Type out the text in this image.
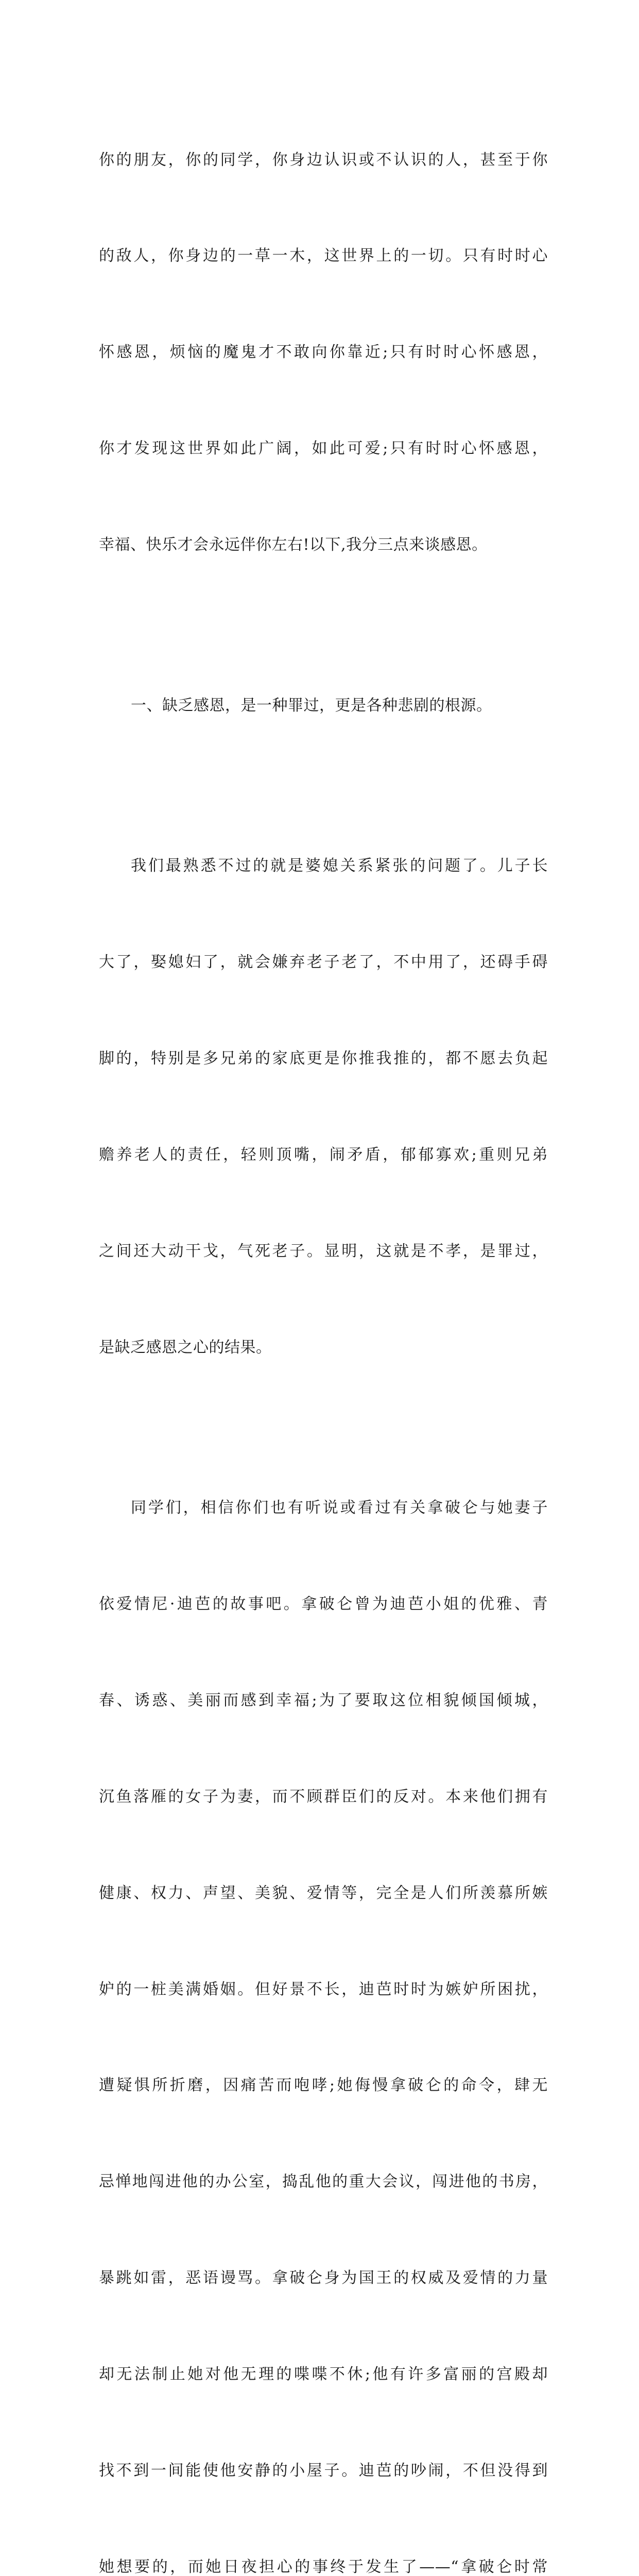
你的朋友，你的同学，你身边认识或不认识的人，甚至于你

的敌人，你身边的一草一木，这世界上的一切。只有时时心

怀感恩，烦恼的魔鬼才不敢向你靠近;只有时时心怀感恩，

你才发现这世界如此广阔，如此可爱;只有时时心怀感恩，

幸福、快乐才会永远伴你左右!以下,我分三点来谈感恩。

一、缺乏感恩，是一种罪过，更是各种悲剧的根源。

我们最熟悉不过的就是婆媳关系紧张的问题了。儿子长

大了，娶媳妇了，就会嫌弃老子老了，不中用了，还碍手碍

脚的，特别是多兄弟的家底更是你推我推的，都不愿去负起

赡养老人的责任，轻则顶嘴，闹矛盾，郁郁寡欢;重则兄弟

之间还大动干戈，气死老子。显明，这就是不孝，是罪过，

是缺乏感恩之心的结果。

同学们，相信你们也有听说或看过有关拿破仑与她妻子

依爱情尼·迪芭的故事吧。拿破仑曾为迪芭小姐的优雅、青

春、诱惑、美丽而感到幸福;为了要取这位相貌倾国倾城，

沉鱼落雁的女子为妻，而不顾群臣们的反对。本来他们拥有

健康、权力、声望、美貌、爱情等，完全是人们所羡慕所嫉

妒的一桩美满婚姻。但好景不长，迪芭时时为嫉妒所困扰，

遭疑惧所折磨，因痛苦而咆哮;她侮慢拿破仑的命令，肆无

忌惮地闯进他的办公室，捣乱他的重大会议，闯进他的书房，

暴跳如雷，恶语谩骂。拿破仑身为国王的权威及爱情的力量

却无法制止她对他无理的喋喋不休;他有许多富丽的宫殿却

找不到一间能使他安静的小屋子。迪芭的吵闹，不但没得到

她想要的，而她日夜担心的事终于发生了——“拿破仑时常
